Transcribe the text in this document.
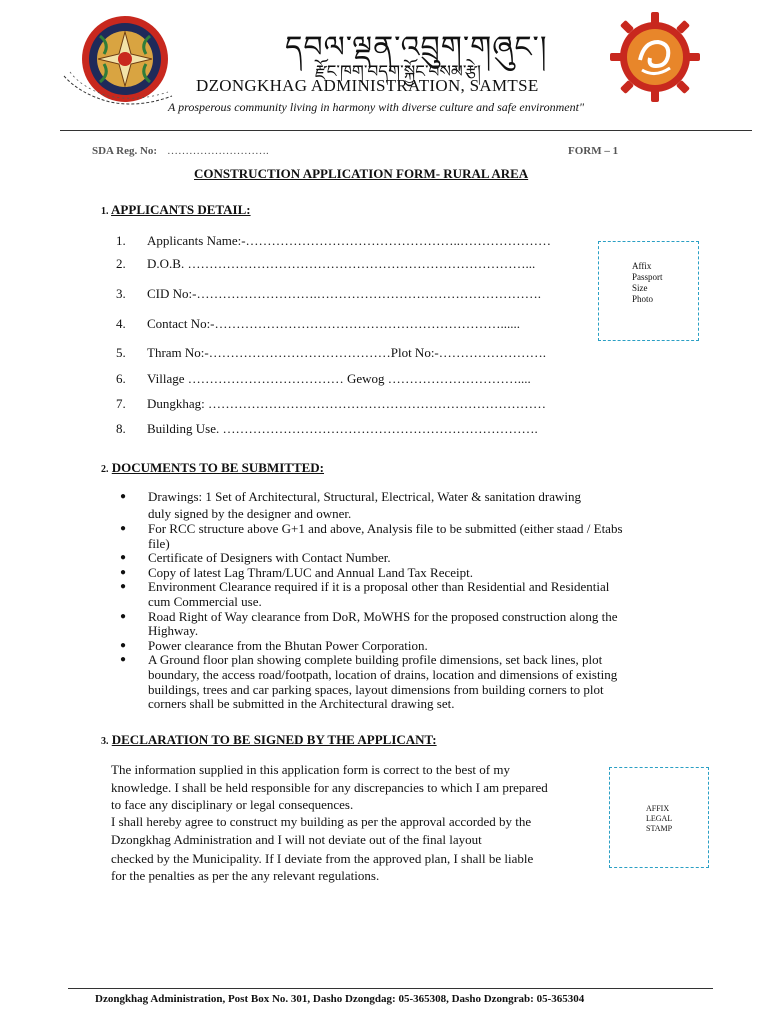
དབལ་ལྡན་འབྲུག་གཞུང་།
རྫོང་ཁག་བདག་སྐྱོང་བསམ་རྩེ།
DZONGKHAG ADMINISTRATION, SAMTSE
A prosperous community living in harmony with diverse culture and safe environment"
SDA Reg. No: ……………………….	FORM – 1
CONSTRUCTION APPLICATION FORM- RURAL AREA
1. APPLICANTS DETAIL:
1. Applicants Name:-…………………………………………..…………………
2. D.O.B. ……………………………………………………………………...
3. CID No:-……………………….…………………………………………….
4. Contact No:-…………………………………………………………......
5. Thram No:-……………………………………Plot No:-…………………….
6. Village ……………………………… Gewog …………………………....
7. Dungkhag: ……………………………………………………………………
8. Building Use. ……………………………………………………………….
Affix
Passport
Size
Photo
2. DOCUMENTS TO BE SUBMITTED:
● Drawings: 1 Set of Architectural, Structural, Electrical, Water & sanitation drawing
duly signed by the designer and owner.
● For RCC structure above G+1 and above, Analysis file to be submitted (either staad / Etabs
file)
● Certificate of Designers with Contact Number.
● Copy of latest Lag Thram/LUC and Annual Land Tax Receipt.
● Environment Clearance required if it is a proposal other than Residential and Residential
cum Commercial use.
● Road Right of Way clearance from DoR, MoWHS for the proposed construction along the
Highway.
● Power clearance from the Bhutan Power Corporation.
● A Ground floor plan showing complete building profile dimensions, set back lines, plot
boundary, the access road/footpath, location of drains, location and dimensions of existing
buildings, trees and car parking spaces, layout dimensions from building corners to plot
corners shall be submitted in the Architectural drawing set.
3. DECLARATION TO BE SIGNED BY THE APPLICANT:
The information supplied in this application form is correct to the best of my
knowledge. I shall be held responsible for any discrepancies to which I am prepared
to face any disciplinary or legal consequences.
I shall hereby agree to construct my building as per the approval accorded by the
Dzongkhag Administration and I will not deviate out of the final layout
checked by the Municipality. If I deviate from the approved plan, I shall be liable
for the penalties as per the any relevant regulations.
AFFIX
LEGAL
STAMP
Dzongkhag Administration, Post Box No. 301, Dasho Dzongdag: 05-365308, Dasho Dzongrab: 05-365304
